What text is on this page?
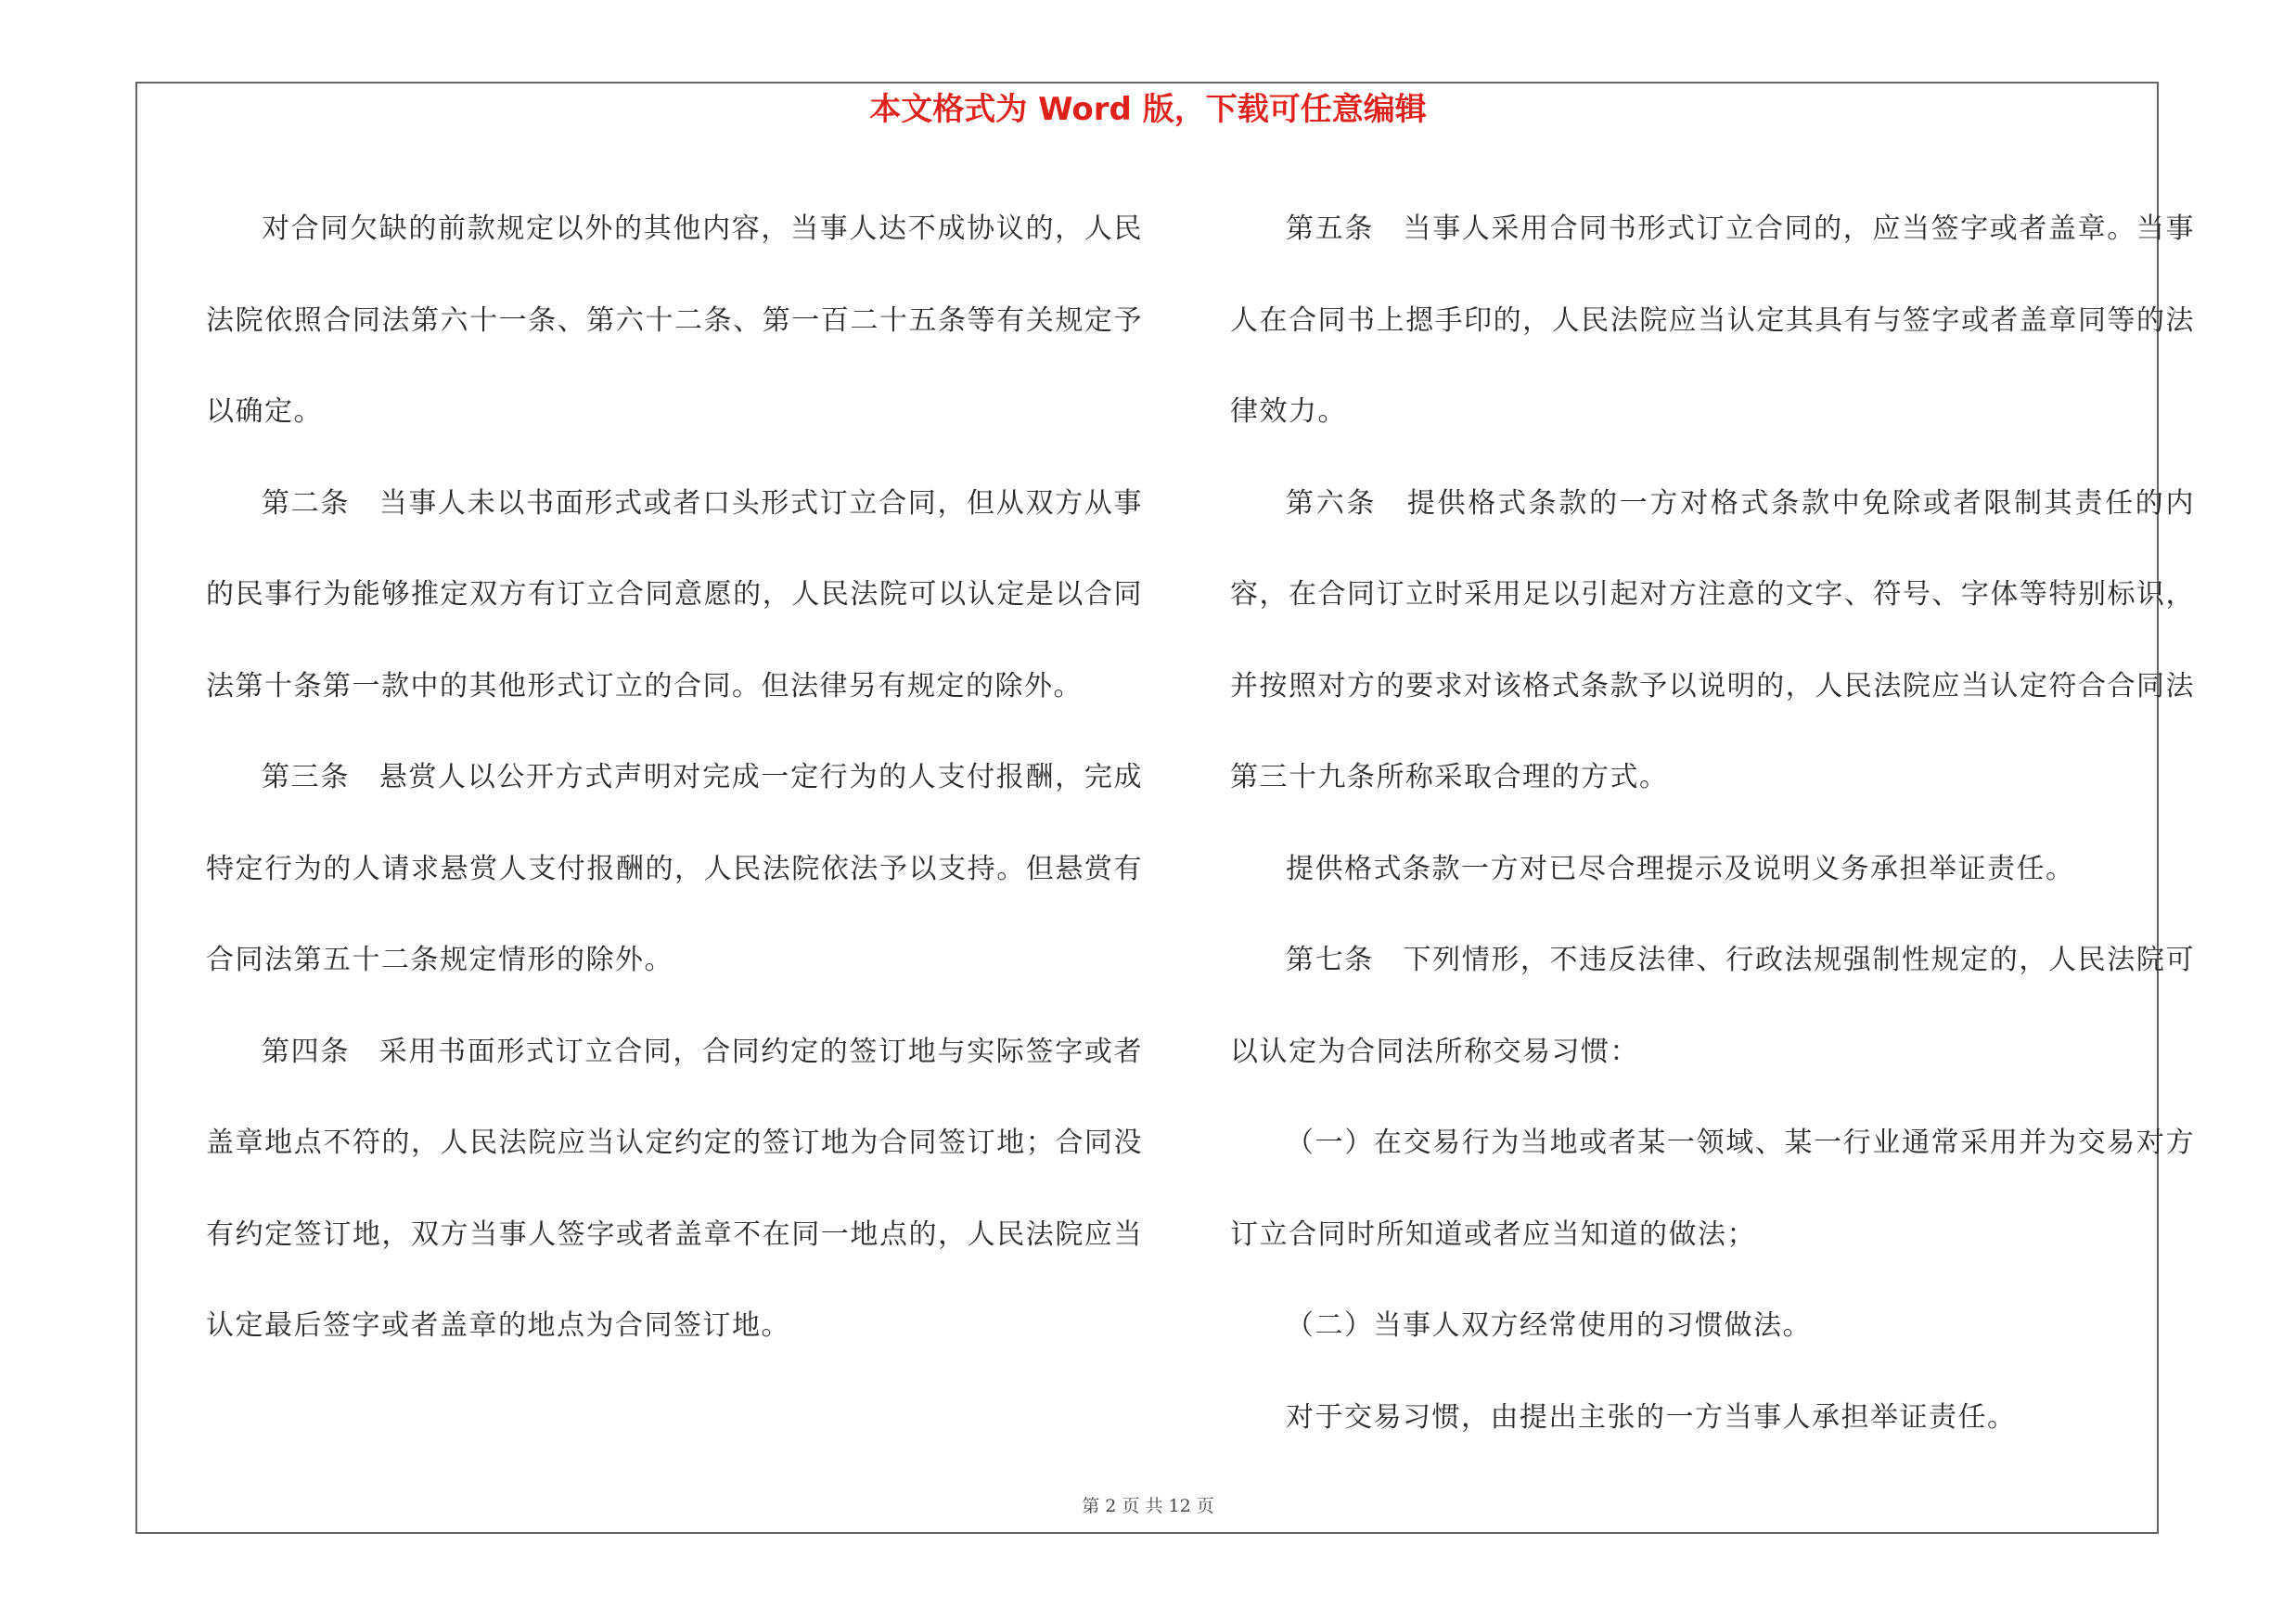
本文格式为 Word 版，下载可任意编辑

对合同欠缺的前款规定以外的其他内容，当事人达不成协议的，人民法院依照合同法第六十一条、第六十二条、第一百二十五条等有关规定予以确定。

第二条　当事人未以书面形式或者口头形式订立合同，但从双方从事的民事行为能够推定双方有订立合同意愿的，人民法院可以认定是以合同法第十条第一款中的其他形式订立的合同。但法律另有规定的除外。

第三条　悬赏人以公开方式声明对完成一定行为的人支付报酬，完成特定行为的人请求悬赏人支付报酬的，人民法院依法予以支持。但悬赏有合同法第五十二条规定情形的除外。

第四条　采用书面形式订立合同，合同约定的签订地与实际签字或者盖章地点不符的，人民法院应当认定约定的签订地为合同签订地；合同没有约定签订地，双方当事人签字或者盖章不在同一地点的，人民法院应当认定最后签字或者盖章的地点为合同签订地。

第五条　当事人采用合同书形式订立合同的，应当签字或者盖章。当事人在合同书上摁手印的，人民法院应当认定其具有与签字或者盖章同等的法律效力。

第六条　提供格式条款的一方对格式条款中免除或者限制其责任的内容，在合同订立时采用足以引起对方注意的文字、符号、字体等特别标识，并按照对方的要求对该格式条款予以说明的，人民法院应当认定符合合同法第三十九条所称采取合理的方式。

提供格式条款一方对已尽合理提示及说明义务承担举证责任。

第七条　下列情形，不违反法律、行政法规强制性规定的，人民法院可以认定为合同法所称交易习惯：

（一）在交易行为当地或者某一领域、某一行业通常采用并为交易对方订立合同时所知道或者应当知道的做法；

（二）当事人双方经常使用的习惯做法。

对于交易习惯，由提出主张的一方当事人承担举证责任。

第 2 页 共 12 页
